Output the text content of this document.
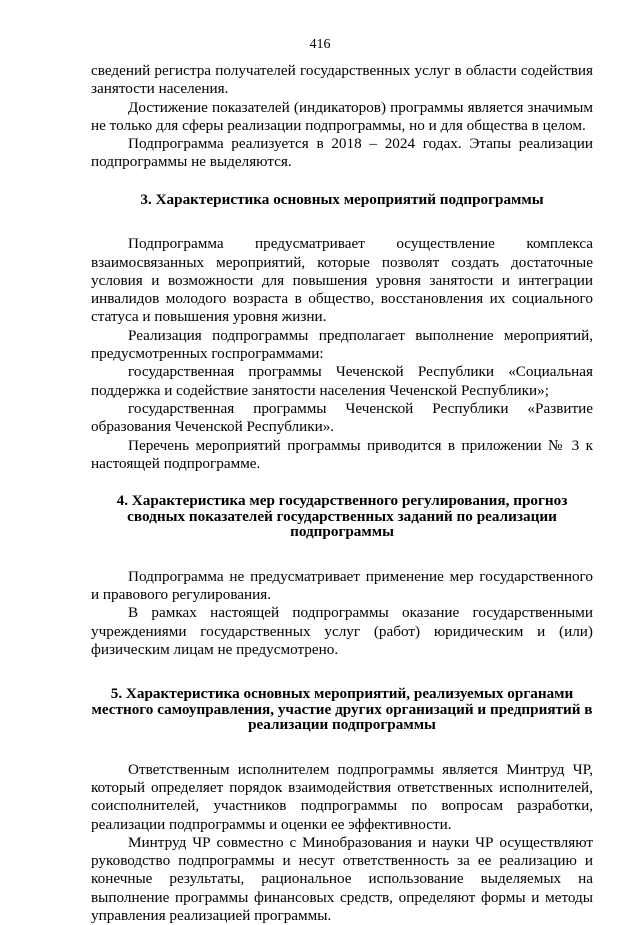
416

сведений регистра получателей государственных услуг в области содействия занятости населения.

Достижение показателей (индикаторов) программы является значимым не только для сферы реализации подпрограммы, но и для общества в целом.

Подпрограмма реализуется в 2018 – 2024 годах. Этапы реализации подпрограммы не выделяются.

3. Характеристика основных мероприятий подпрограммы

Подпрограмма предусматривает осуществление комплекса взаимосвязанных мероприятий, которые позволят создать достаточные условия и возможности для повышения уровня занятости и интеграции инвалидов молодого возраста в общество, восстановления их социального статуса и повышения уровня жизни.

Реализация подпрограммы предполагает выполнение мероприятий, предусмотренных госпрограммами:

государственная программы Чеченской Республики «Социальная поддержка и содействие занятости населения Чеченской Республики»;

государственная программы Чеченской Республики «Развитие образования Чеченской Республики».

Перечень мероприятий программы приводится в приложении № 3 к настоящей подпрограмме.

4. Характеристика мер государственного регулирования, прогноз сводных показателей государственных заданий по реализации подпрограммы

Подпрограмма не предусматривает применение мер государственного и правового регулирования.

В рамках настоящей подпрограммы оказание государственными учреждениями государственных услуг (работ) юридическим и (или) физическим лицам не предусмотрено.

5. Характеристика основных мероприятий, реализуемых органами местного самоуправления, участие других организаций и предприятий в реализации подпрограммы

Ответственным исполнителем подпрограммы является Минтруд ЧР, который определяет порядок взаимодействия ответственных исполнителей, соисполнителей, участников подпрограммы по вопросам разработки, реализации подпрограммы и оценки ее эффективности.

Минтруд ЧР совместно с Минобразования и науки ЧР осуществляют руководство подпрограммы и несут ответственность за ее реализацию и конечные результаты, рациональное использование выделяемых на выполнение программы финансовых средств, определяют формы и методы управления реализацией программы.
